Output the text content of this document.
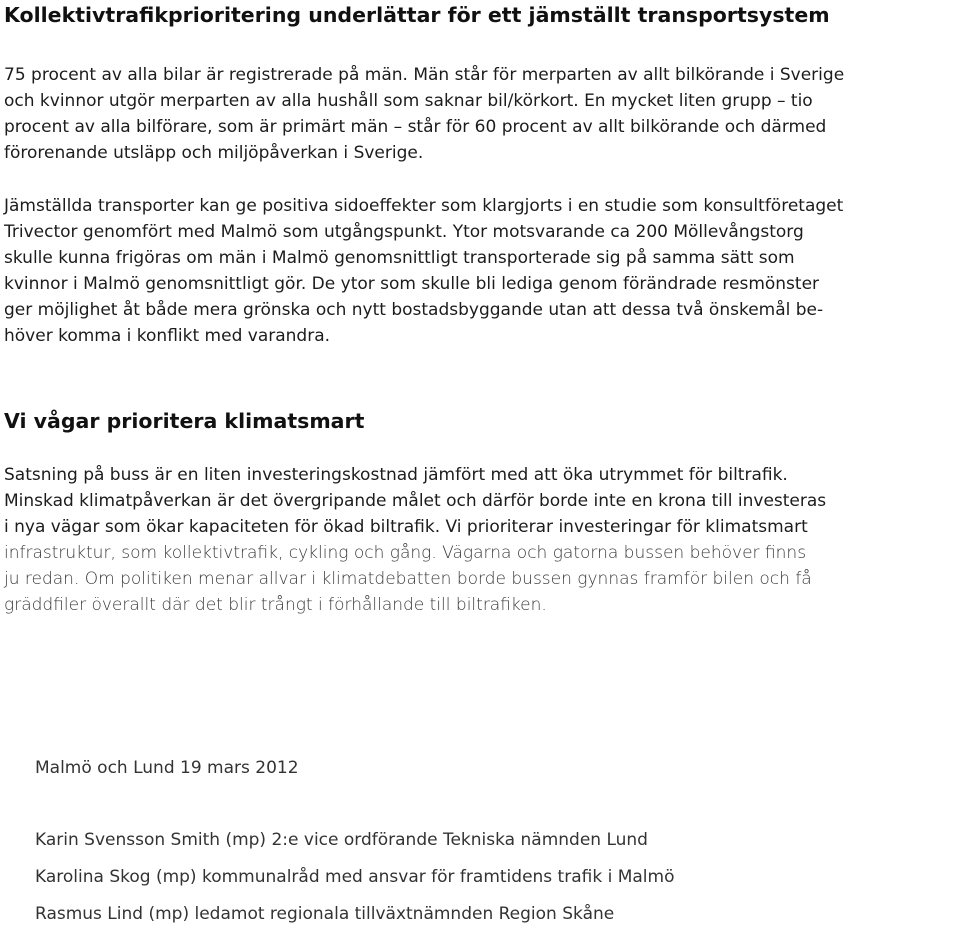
Kollektivtrafikprioritering underlättar för ett jämställt transportsystem
75 procent av alla bilar är registrerade på män. Män står för merparten av allt bilkörande i Sverige
och kvinnor utgör merparten av alla hushåll som saknar bil/körkort. En mycket liten grupp – tio
procent av alla bilförare, som är primärt män – står för 60 procent av allt bilkörande och därmed
förorenande utsläpp och miljöpåverkan i Sverige.
Jämställda transporter kan ge positiva sidoeffekter som klargjorts i en studie som konsultföretaget
Trivector genomfört med Malmö som utgångspunkt. Ytor motsvarande ca 200 Möllevångstorg
skulle kunna frigöras om män i Malmö genomsnittligt transporterade sig på samma sätt som
kvinnor i Malmö genomsnittligt gör. De ytor som skulle bli lediga genom förändrade resmönster
ger möjlighet åt både mera grönska och nytt bostadsbyggande utan att dessa två önskemål be-
höver komma i konflikt med varandra.
Vi vågar prioritera klimatsmart
Satsning på buss är en liten investeringskostnad jämfört med att öka utrymmet för biltrafik.
Minskad klimatpåverkan är det övergripande målet och därför borde inte en krona till investeras
i nya vägar som ökar kapaciteten för ökad biltrafik. Vi prioriterar investeringar för klimatsmart
infrastruktur, som kollektivtrafik, cykling och gång. Vägarna och gatorna bussen behöver finns
ju redan. Om politiken menar allvar i klimatdebatten borde bussen gynnas framför bilen och få
gräddfiler överallt där det blir trångt i förhållande till biltrafiken.

Malmö och Lund 19 mars 2012

Karin Svensson Smith (mp) 2:e vice ordförande Tekniska nämnden Lund

Karolina Skog (mp) kommunalråd med ansvar för framtidens trafik i Malmö

Rasmus Lind (mp) ledamot regionala tillväxtnämnden Region Skåne
